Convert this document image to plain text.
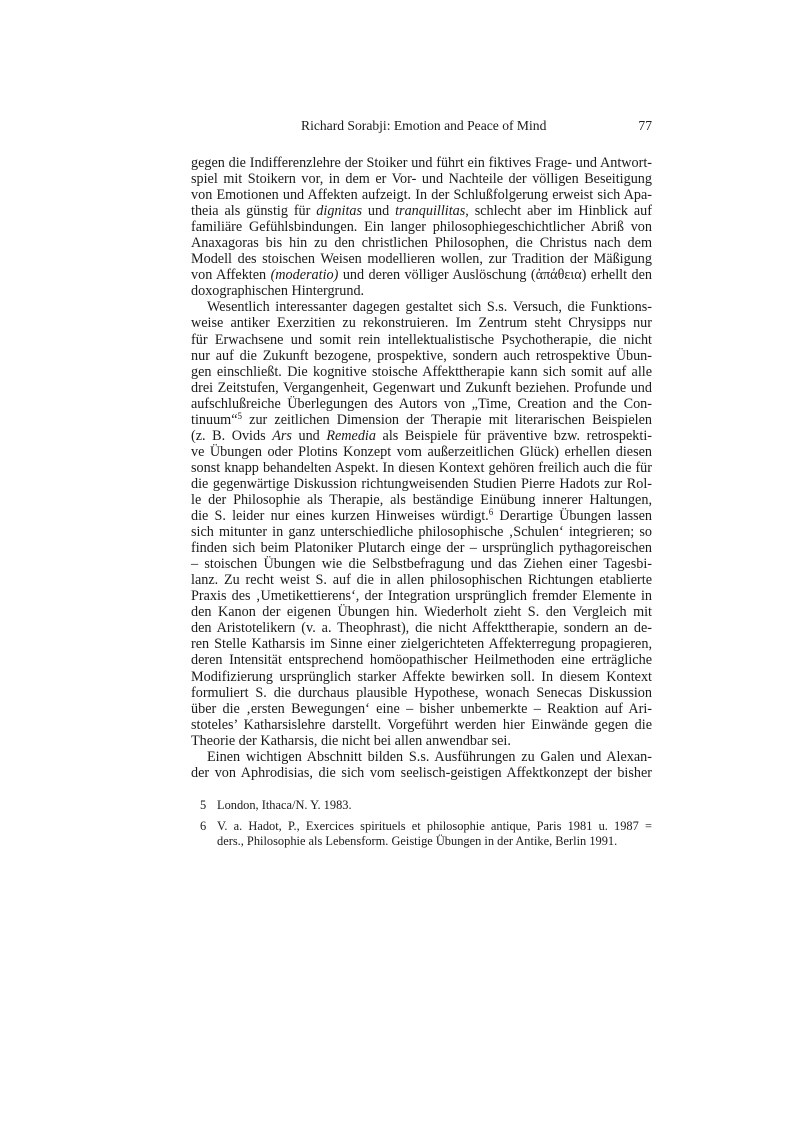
Richard Sorabji: Emotion and Peace of Mind	77
gegen die Indifferenzlehre der Stoiker und führt ein fiktives Frage- und Antwort-
spiel mit Stoikern vor, in dem er Vor- und Nachteile der völligen Beseitigung
von Emotionen und Affekten aufzeigt. In der Schlußfolgerung erweist sich Apa-
theia als günstig für dignitas und tranquillitas, schlecht aber im Hinblick auf
familiäre Gefühlsbindungen. Ein langer philosophiegeschichtlicher Abriß von
Anaxagoras bis hin zu den christlichen Philosophen, die Christus nach dem
Modell des stoischen Weisen modellieren wollen, zur Tradition der Mäßigung
von Affekten (moderatio) und deren völliger Auslöschung (ἀπάθεια) erhellt den
doxographischen Hintergrund.
Wesentlich interessanter dagegen gestaltet sich S.s. Versuch, die Funktions-
weise antiker Exerzitien zu rekonstruieren. Im Zentrum steht Chrysipps nur
für Erwachsene und somit rein intellektualistische Psychotherapie, die nicht
nur auf die Zukunft bezogene, prospektive, sondern auch retrospektive Übun-
gen einschließt. Die kognitive stoische Affekttherapie kann sich somit auf alle
drei Zeitstufen, Vergangenheit, Gegenwart und Zukunft beziehen. Profunde und
aufschlußreiche Überlegungen des Autors von „Time, Creation and the Con-
tinuum“$^5$ zur zeitlichen Dimension der Therapie mit literarischen Beispielen
(z. B. Ovids Ars und Remedia als Beispiele für präventive bzw. retrospekti-
ve Übungen oder Plotins Konzept vom außerzeitlichen Glück) erhellen diesen
sonst knapp behandelten Aspekt. In diesen Kontext gehören freilich auch die für
die gegenwärtige Diskussion richtungweisenden Studien Pierre Hadots zur Rol-
le der Philosophie als Therapie, als beständige Einübung innerer Haltungen,
die S. leider nur eines kurzen Hinweises würdigt.$^6$ Derartige Übungen lassen
sich mitunter in ganz unterschiedliche philosophische ‚Schulen‘ integrieren; so
finden sich beim Platoniker Plutarch einge der – ursprünglich pythagoreischen
– stoischen Übungen wie die Selbstbefragung und das Ziehen einer Tagesbi-
lanz. Zu recht weist S. auf die in allen philosophischen Richtungen etablierte
Praxis des ‚Umetikettierens‘, der Integration ursprünglich fremder Elemente in
den Kanon der eigenen Übungen hin. Wiederholt zieht S. den Vergleich mit
den Aristotelikern (v. a. Theophrast), die nicht Affekttherapie, sondern an de-
ren Stelle Katharsis im Sinne einer zielgerichteten Affekterregung propagieren,
deren Intensität entsprechend homöopathischer Heilmethoden eine erträgliche
Modifizierung ursprünglich starker Affekte bewirken soll. In diesem Kontext
formuliert S. die durchaus plausible Hypothese, wonach Senecas Diskussion
über die ‚ersten Bewegungen‘ eine – bisher unbemerkte – Reaktion auf Ari-
stoteles’ Katharsislehre darstellt. Vorgeführt werden hier Einwände gegen die
Theorie der Katharsis, die nicht bei allen anwendbar sei.
Einen wichtigen Abschnitt bilden S.s. Ausführungen zu Galen und Alexan-
der von Aphrodisias, die sich vom seelisch-geistigen Affektkonzept der bisher
5 London, Ithaca/N. Y. 1983.
6 V. a. Hadot, P., Exercices spirituels et philosophie antique, Paris 1981 u. 1987 =
ders., Philosophie als Lebensform. Geistige Übungen in der Antike, Berlin 1991.
